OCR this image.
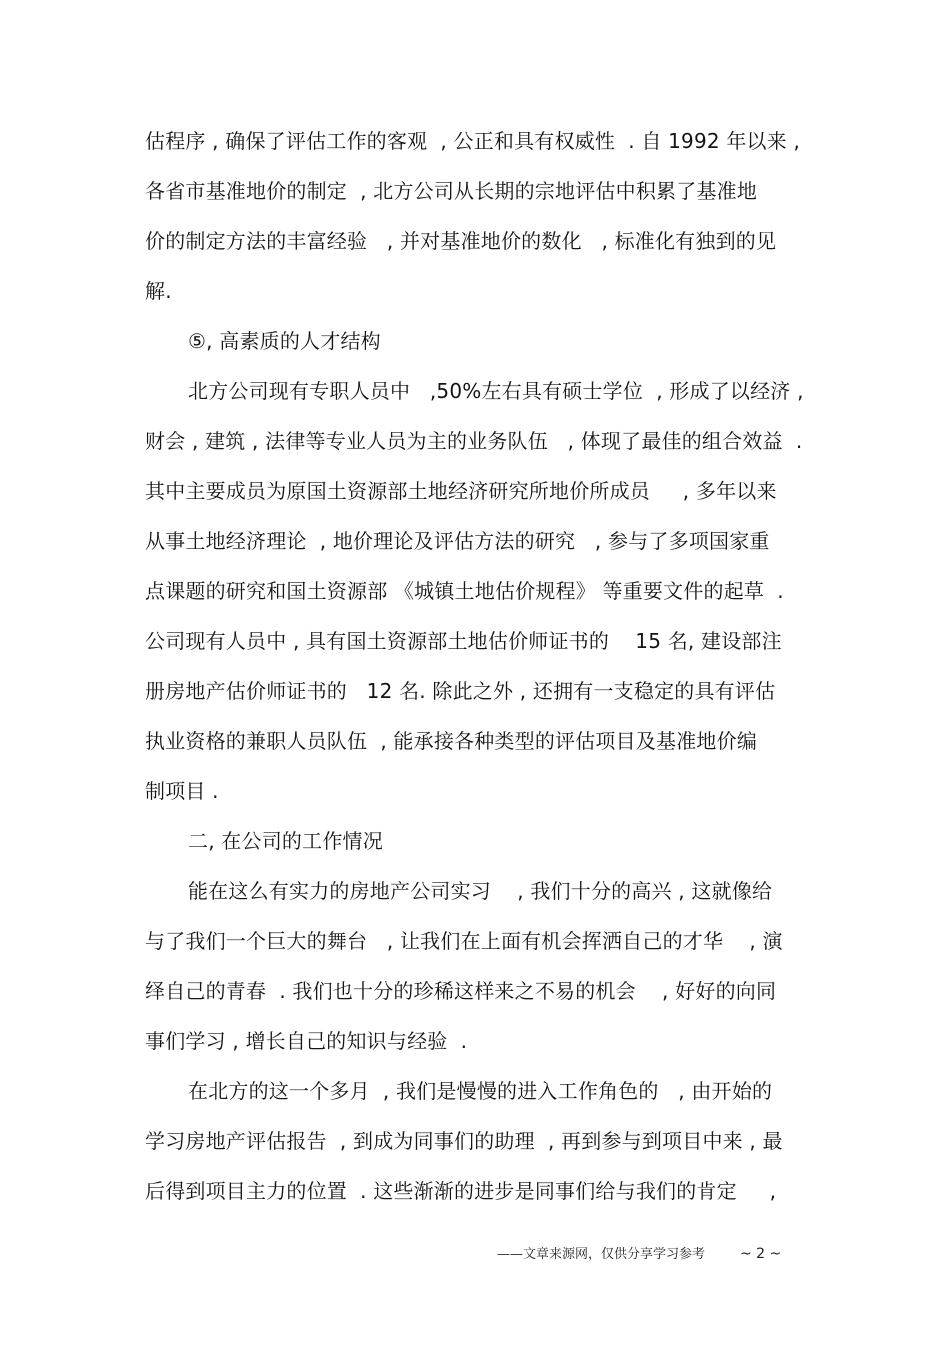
估程序 , 确保了评估工作的客观  , 公正和具有权威性  . 自 1992 年以来 ,
各省市基准地价的制定  , 北方公司从长期的宗地评估中积累了基准地
价的制定方法的丰富经验   , 并对基准地价的数化   , 标准化有独到的见
解.
⑤, 高素质的人才结构
北方公司现有专职人员中   ,50%左右具有硕士学位  , 形成了以经济 ,
财会 , 建筑 , 法律等专业人员为主的业务队伍   , 体现了最佳的组合效益  .
其中主要成员为原国土资源部土地经济研究所地价所成员     , 多年以来
从事土地经济理论  , 地价理论及评估方法的研究   , 参与了多项国家重
点课题的研究和国土资源部 《城镇土地估价规程》 等重要文件的起草  .
公司现有人员中 , 具有国土资源部土地估价师证书的    15 名, 建设部注
册房地产估价师证书的   12 名. 除此之外 , 还拥有一支稳定的具有评估
执业资格的兼职人员队伍  , 能承接各种类型的评估项目及基准地价编
制项目 .
二, 在公司的工作情况
能在这么有实力的房地产公司实习    , 我们十分的高兴 , 这就像给
与了我们一个巨大的舞台   , 让我们在上面有机会挥洒自己的才华    , 演
绎自己的青春  . 我们也十分的珍稀这样来之不易的机会    , 好好的向同
事们学习 , 增长自己的知识与经验  .
在北方的这一个多月  , 我们是慢慢的进入工作角色的   , 由开始的
学习房地产评估报告  , 到成为同事们的助理  , 再到参与到项目中来 , 最
后得到项目主力的位置  . 这些渐渐的进步是同事们给与我们的肯定     ,
——文章来源网，仅供分享学习参考 ~ 2 ~
